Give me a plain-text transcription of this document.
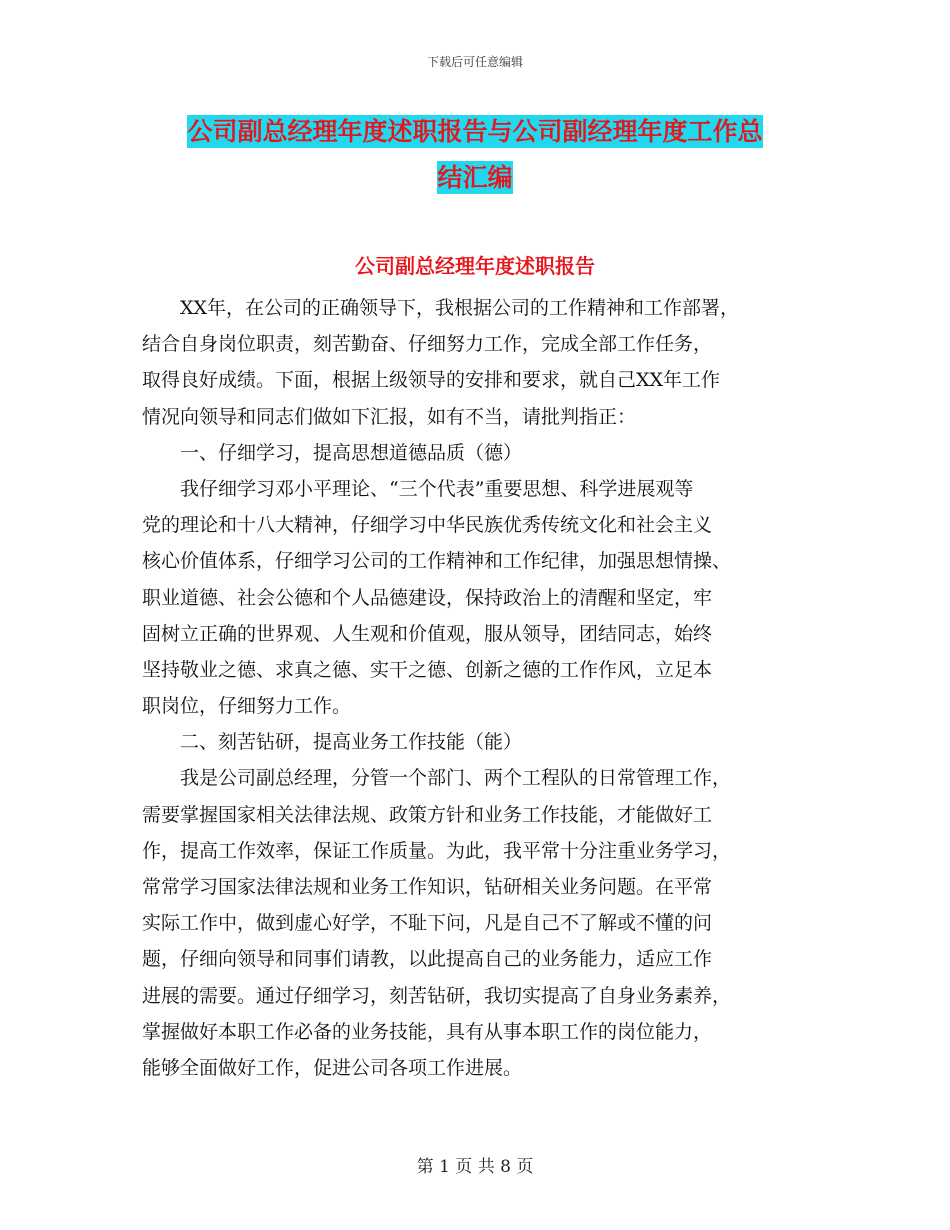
下载后可任意编辑
公司副总经理年度述职报告与公司副经理年度工作总
结汇编
公司副总经理年度述职报告
XX年，在公司的正确领导下，我根据公司的工作精神和工作部署，
结合自身岗位职责，刻苦勤奋、仔细努力工作，完成全部工作任务，
取得良好成绩。下面，根据上级领导的安排和要求，就自己XX年工作
情况向领导和同志们做如下汇报，如有不当，请批判指正：
一、仔细学习，提高思想道德品质（德）
我仔细学习邓小平理论、“三个代表”重要思想、科学进展观等
党的理论和十八大精神，仔细学习中华民族优秀传统文化和社会主义
核心价值体系，仔细学习公司的工作精神和工作纪律，加强思想情操、
职业道德、社会公德和个人品德建设，保持政治上的清醒和坚定，牢
固树立正确的世界观、人生观和价值观，服从领导，团结同志，始终
坚持敬业之德、求真之德、实干之德、创新之德的工作作风，立足本
职岗位，仔细努力工作。
二、刻苦钻研，提高业务工作技能（能）
我是公司副总经理，分管一个部门、两个工程队的日常管理工作，
需要掌握国家相关法律法规、政策方针和业务工作技能，才能做好工
作，提高工作效率，保证工作质量。为此，我平常十分注重业务学习，
常常学习国家法律法规和业务工作知识，钻研相关业务问题。在平常
实际工作中，做到虚心好学，不耻下问，凡是自己不了解或不懂的问
题，仔细向领导和同事们请教，以此提高自己的业务能力，适应工作
进展的需要。通过仔细学习，刻苦钻研，我切实提高了自身业务素养，
掌握做好本职工作必备的业务技能，具有从事本职工作的岗位能力，
能够全面做好工作，促进公司各项工作进展。
第 1 页 共 8 页
